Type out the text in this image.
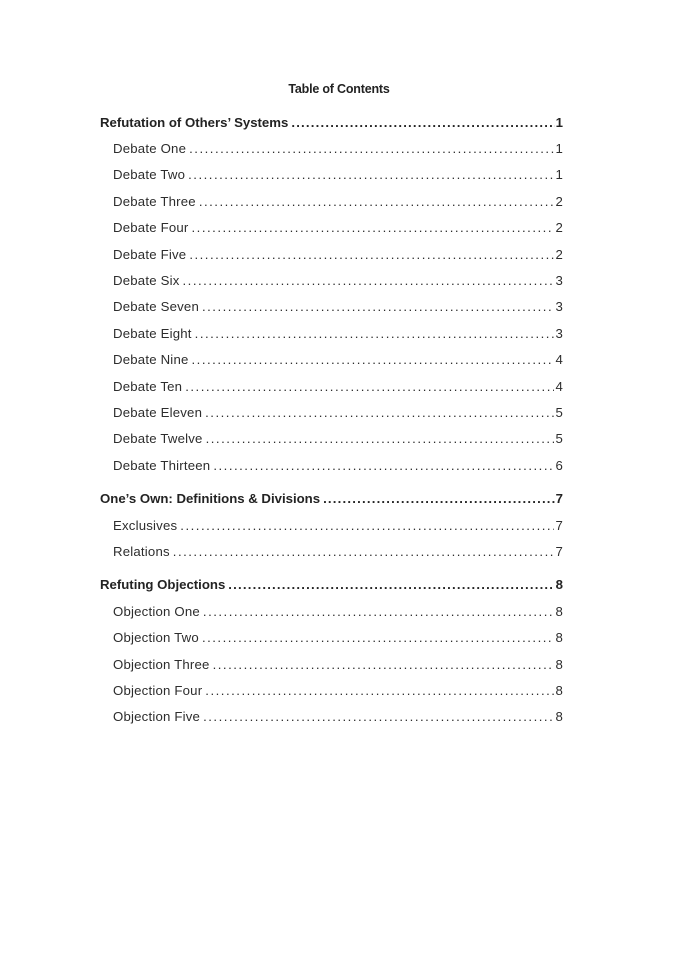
Table of Contents
Refutation of Others’ Systems .....	1
Debate One .....	1
Debate Two .....	1
Debate Three .....	2
Debate Four .....	2
Debate Five .....	2
Debate Six .....	3
Debate Seven .....	3
Debate Eight .....	3
Debate Nine .....	4
Debate Ten .....	4
Debate Eleven .....	5
Debate Twelve .....	5
Debate Thirteen .....	6
One’s Own: Definitions & Divisions .....	7
Exclusives .....	7
Relations .....	7
Refuting Objections .....	8
Objection One .....	8
Objection Two .....	8
Objection Three .....	8
Objection Four .....	8
Objection Five .....	8
